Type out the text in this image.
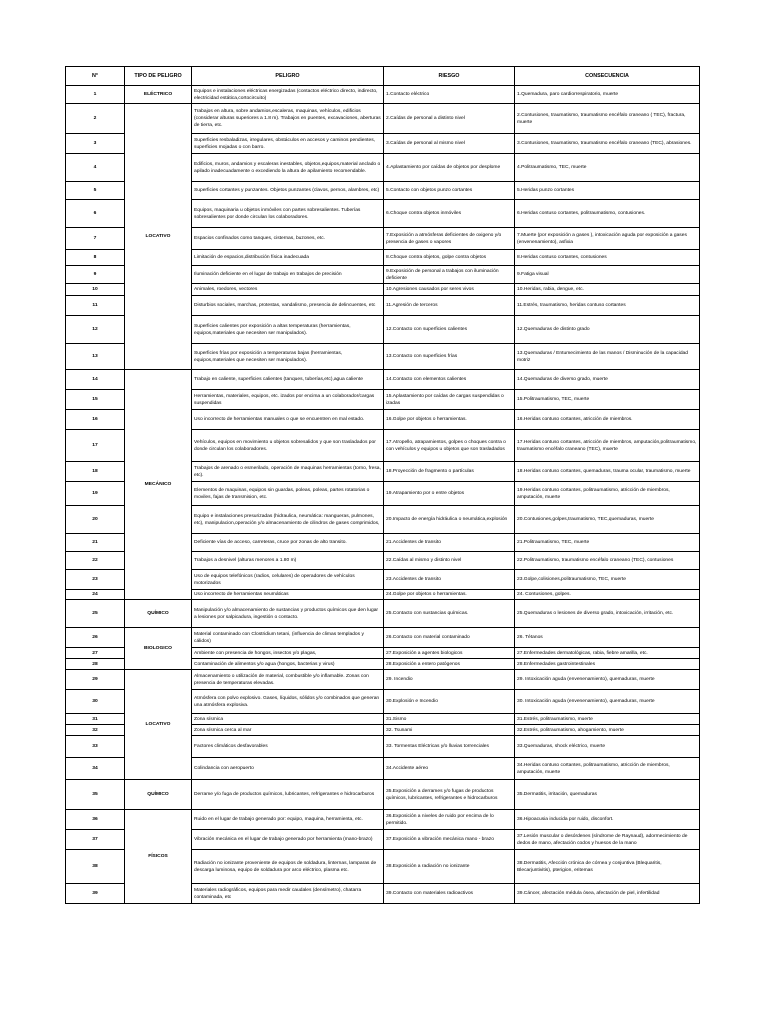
N°	TIPO DE PELIGRO	PELIGRO	RIESGO	CONSECUENCIA
1	ELÉCTRICO	Equipos e instalaciones eléctricas energizadas (contactos eléctrico directo, indirecto, electricidad estática,cortocircuito)	1.Contacto eléctrico	1.Quemadura, paro cardiorrespiratorio, muerte
2	LOCATIVO	Trabajos en altura, sobre andamios,escaleras, maquinas, vehículos, edificios (considerar alturas superiores a 1.8 m). Trabajos en puentes, excavaciones, aberturas de tierra, etc.	2.Caídas de personal a distinto nivel	2.Contusiones, traumatismo, traumatismo encéfalo craneano ( TEC), fractura, muerte
3		Superficies resbaladizas, irregulares, obstáculos en accesos y caminos pendientes, superficies mojadas o con barro.	3.Caídas de personal al mismo nivel	3.Contusiones, traumatismo, traumatismo encéfalo craneano (TEC), abrasiones.
4		Edificios, muros, andamios y escaleras inestables, objetos,equipos,material anclado o apilado inadecuadamente o excediendo la altura de apilamiento recomendable.	4.Aplastamiento por caídas de objetos por desplome	4.Politraumatismo, TEC, muerte
5		Superficies cortantes y punzantes. Objetos punzantes (clavos, pernos, alambres, etc)	5.Contacto con objetos punzo cortantes	5.Heridas punzo cortantes
6		Equipos, maquinaria u objetos inmóviles con partes sobresalientes. Tuberías sobresalientes por donde circulan los colaboradores.	6.Choque contra objetos inmóviles	6.Heridas contuso cortantes, politraumatismo, contusiones.
7		Espacios confinados como tanques, cisternas, buzones, etc.	7.Exposición a atmósferas deficientes de oxigeno y/o presencia de gases o vapores	7.Muerte (por exposición a gases ), intoxicación aguda por exposición a gases (envenenamiento), asfixia
8		Limitación de espacios,distribución física inadecuada	8.Choque contra objetos, golpe contra objetos	8.Heridas contuso cortantes, contusiones
9		Iluminación deficiente en el lugar de trabajo en trabajos de precisión	9.Exposición de personal a trabajos con iluminación deficiente	9.Fatiga visual
10		Animales, roedores, vectores	10.Agresiones causados por seres vivos	10.Heridas, rabia, dengue, etc.
11		Disturbios sociales, marchas, protestas, vandalismo, presencia de delincuentes, etc	11.Agresión de terceros	11.Estrés, traumatismo, heridas contuso cortantes
12		Superficies calientes por exposición a altas temperaturas (herramientas, equipos,materiales que necesiten ser manipulados).	12.Contacto con superficies calientes	12.Quemaduras de distinto grado
13		Superficies frías por exposición a temperaturas bajas (herramientas, equipos,materiales que necesiten ser manipulados).	13.Contacto con superficies frías	13.Quemaduras / Entumecimiento de las manos / Disminución de la capacidad motriz
14	MECÁNICO	Trabajo en caliente, superficies calientes (tanques, tuberías,etc),agua caliente	14.Contacto con elementos calientes	14.Quemaduras de diverso grado, muerte
15		Herramientas, materiales, equipos, etc. izados por encima a un colaborador/cargas suspendidas	15.Aplastamiento por caídas de cargas suspendidas o izadas	15.Politraumatismo, TEC, muerte
16		Uso incorrecto de herramientas manuales o que se encuentren en mal estado.	16.Golpe por objetos o herramientas.	16.Heridas contuso cortantes, atricción de miembros.
17		Vehículos, equipos en movimiento u objetos sobresalidos y que son trasladados por donde circulan los colaboradores.	17.Atropello, atrapamientos, golpes o choques contra o con vehículos y equipos u objetos que son trasladados	17.Heridas contuso cortantes, atricción de miembros, amputación,politraumatismo, traumatismo encéfalo craneano (TEC), muerte
18		Trabajos de arenado o esmerilado, operación de maquinas herramientas (torno, fresa, etc).	18.Proyección de fragmento o partículas	18.Heridas contuso cortantes, quemaduras, trauma ocular, traumatismo, muerte
19		Elementos de maquinas, equipos sin guardas, poleas, poleas, partes rotatorias o moviles, fajas de transmision, etc.	19.Atrapamiento por o entre objetos	19.Heridas contuso cortantes, politraumatismo, atricción de miembros, amputación, muerte
20		Equipo e instalaciones presurizadas (hidraulica, neumática: mangueras, pulmones, etc), manipulacion,operación y/o almacenamiento de cilindros de gases comprimidos,	20.Impacto de energía hidráulica o neumática,explosión	20.Contusiones,golpes,traumatismo, TEC,quemaduras, muerte
21		Deficiente vías de acceso, carreteras, cruce por zonas de alto transito.	21.Accidentes de transito	21.Politraumatismo, TEC, muerte
22		Trabajos a desnivel (alturas menores a 1.80 m)	22.Caídas al mismo y distinto nivel	22.Politraumatismo, traumatismo encéfalo craneano (TEC), contusiones
23		Uso de equipos telefónicos (radios, celulares) de operadores de vehículos motorizados	23.Accidentes de transito	23.Golpe,colisiones,politraumatismo, TEC, muerte
24		Uso incorrecto de herramientas neumáticas	24.Golpe por objetos o herramientas.	24. Contusiones, golpes.
25	QUÍMICO	Manipulación y/o almacenamiento de sustancias y productos químicos que den lugar a lesiones por salpicadura, ingestión o contacto.	25.Contacto con sustancias químicas.	25.Quemaduras o lesiones de diverso grado, intoxicación, irritación, etc.
26	BIOLOGICO	Material contaminado con Clostridium tetani, (influencia de climas templados y cálidos)	26.Contacto con material contaminado	26. Tétanos
27		Ambiente con presencia de hongos, insectos y/o plagas,	27.Exposición a agentes biologicos	27.Enfermedades dermatológicas, rabia, fiebre amarilla, etc.
28		Contaminación de alimentos y/o agua (hongos, bacterias y virus)	28.Exposición a entero patógenos	28.Enfermedades gastrointestinales
29	LOCATIVO	Almacenamiento o utilización de material, combustible y/o inflamable. Zonas con presencia de temperaturas elevadas.	29. Incendio	29. Intoxicación aguda (envenenamiento), quemaduras, muerte
30		Atmósfera con polvo explosivo. Gases, líquidos, sólidos y/o combinados que generan una atmósfera explosiva.	30.Explosión e Incendio	30. Intoxicación aguda (envenenamiento), quemaduras, muerte
31		Zona sísmica	31.Sismo	31.Estrés, politraumatismo, muerte
32		Zona sísmica cerca al mar	32. Tsunami	32.Estrés, politraumatismo, ahogamiento, muerte
33		Factores climáticos desfavorables	33. Tormentas Eléctricas y/o lluvias torrenciales	33.Quemaduras, shock eléctrico, muerte
34		Colindancia con aeropuerto	34.Accidente aéreo	34.Heridas contuso cortantes, politraumatismo, atricción de miembros, amputación, muerte
35	QUÍMICO	Derrame y/o fuga de productos químicos, lubricantes, refrigerantes e hidrocarburos	35.Exposición a derrames y/o fugas de productos químicos, lubricantes, refrigerantes e hidrocarburos	35.Dermatitis, irritación, quemaduras
36	FÍSICOS	Ruido en el lugar de trabajo generado por: equipo, maquina, herramienta, etc.	36.Exposición a niveles de ruido por encima de lo permitido.	36.Hipoacusia inducida por ruido, disconfort.
37		Vibración mecánica en el lugar de trabajo generado por herramienta (mano-brazo)	37.Exposición a vibración mecánica mano - brazo	37.Lesión muscular o desórdenes (síndrome de Raynaud), adormecimiento de dedos de mano, afectación codos y huesos de la mano
38		Radiación no ionizante proveniente de equipos de soldadura, linternas, lamparas de descarga luminosa, equipo de soldadura por arco eléctrico, plasma etc.	38.Exposición a radiación no ionizante	38.Dermatitis, Afección crónica de córnea y conjuntiva (Blequaritis, Blecarjuntivitis), pterigion, eritemas
39		Materiales radiográficos, equipos para medir caudales (densímetro), chatarra contaminada, etc	39.Contacto con materiales radioactivos	39.Cáncer, afectación médula ósea, afectación de piel, infertilidad
